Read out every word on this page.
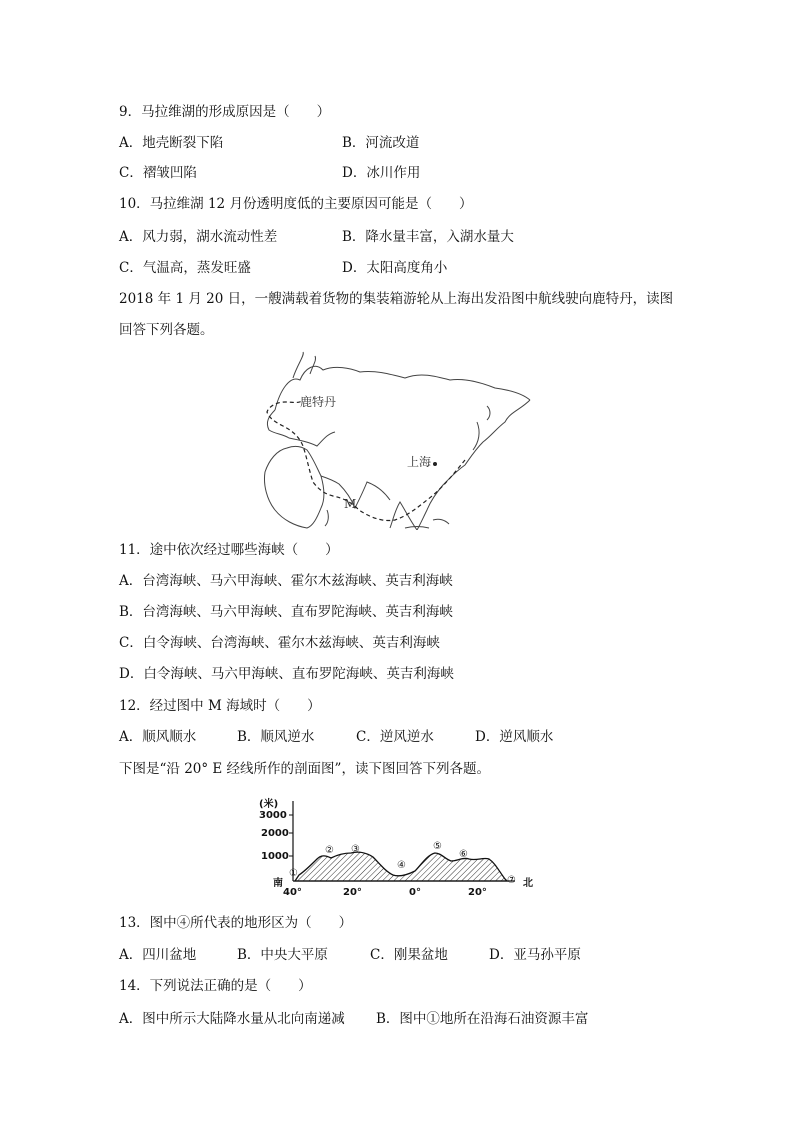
9．马拉维湖的形成原因是（　　）
A．地壳断裂下陷	B．河流改道
C．褶皱凹陷	D．冰川作用
10．马拉维湖 12 月份透明度低的主要原因可能是（　　）
A．风力弱，湖水流动性差	B．降水量丰富，入湖水量大
C．气温高，蒸发旺盛	D．太阳高度角小
2018 年 1 月 20 日，一艘满载着货物的集装箱游轮从上海出发沿图中航线驶向鹿特丹，读图
回答下列各题。
鹿特丹
上海
M
11．途中依次经过哪些海峡（　　）
A．台湾海峡、马六甲海峡、霍尔木兹海峡、英吉利海峡
B．台湾海峡、马六甲海峡、直布罗陀海峡、英吉利海峡
C．白令海峡、台湾海峡、霍尔木兹海峡、英吉利海峡
D．白令海峡、马六甲海峡、直布罗陀海峡、英吉利海峡
12．经过图中 M 海域时（　　）
A．顺风顺水	B．顺风逆水	C．逆风逆水	D．逆风顺水
下图是“沿 20° E 经线所作的剖面图”，读下图回答下列各题。
(米)
3000
2000
1000
①
② ③
④
⑤
⑥
⑦
南	北
40°	20°	0°	20°
13．图中④所代表的地形区为（　　）
A．四川盆地	B．中央大平原	C．刚果盆地	D．亚马孙平原
14．下列说法正确的是（　　）
A．图中所示大陆降水量从北向南递减 B．图中①地所在沿海石油资源丰富
